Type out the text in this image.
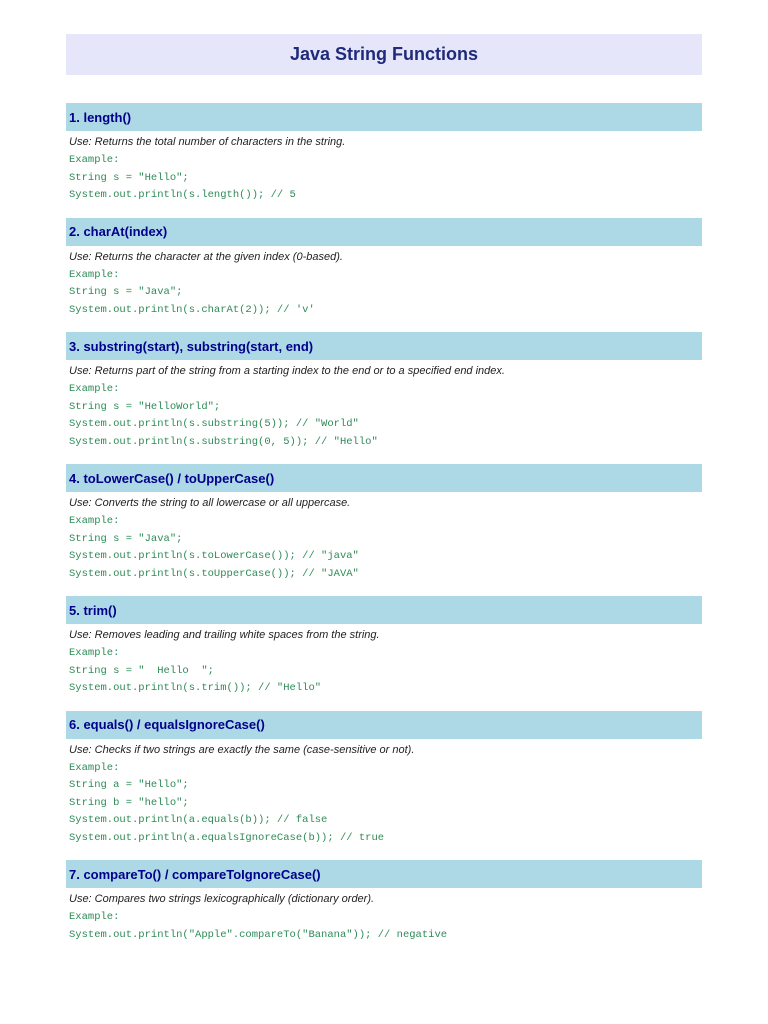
Java String Functions
1. length()
Use: Returns the total number of characters in the string.
Example:
String s = "Hello";
System.out.println(s.length()); // 5
2. charAt(index)
Use: Returns the character at the given index (0-based).
Example:
String s = "Java";
System.out.println(s.charAt(2)); // 'v'
3. substring(start), substring(start, end)
Use: Returns part of the string from a starting index to the end or to a specified end index.
Example:
String s = "HelloWorld";
System.out.println(s.substring(5)); // "World"
System.out.println(s.substring(0, 5)); // "Hello"
4. toLowerCase() / toUpperCase()
Use: Converts the string to all lowercase or all uppercase.
Example:
String s = "Java";
System.out.println(s.toLowerCase()); // "java"
System.out.println(s.toUpperCase()); // "JAVA"
5. trim()
Use: Removes leading and trailing white spaces from the string.
Example:
String s = "  Hello  ";
System.out.println(s.trim()); // "Hello"
6. equals() / equalsIgnoreCase()
Use: Checks if two strings are exactly the same (case-sensitive or not).
Example:
String a = "Hello";
String b = "hello";
System.out.println(a.equals(b)); // false
System.out.println(a.equalsIgnoreCase(b)); // true
7. compareTo() / compareToIgnoreCase()
Use: Compares two strings lexicographically (dictionary order).
Example:
System.out.println("Apple".compareTo("Banana")); // negative
